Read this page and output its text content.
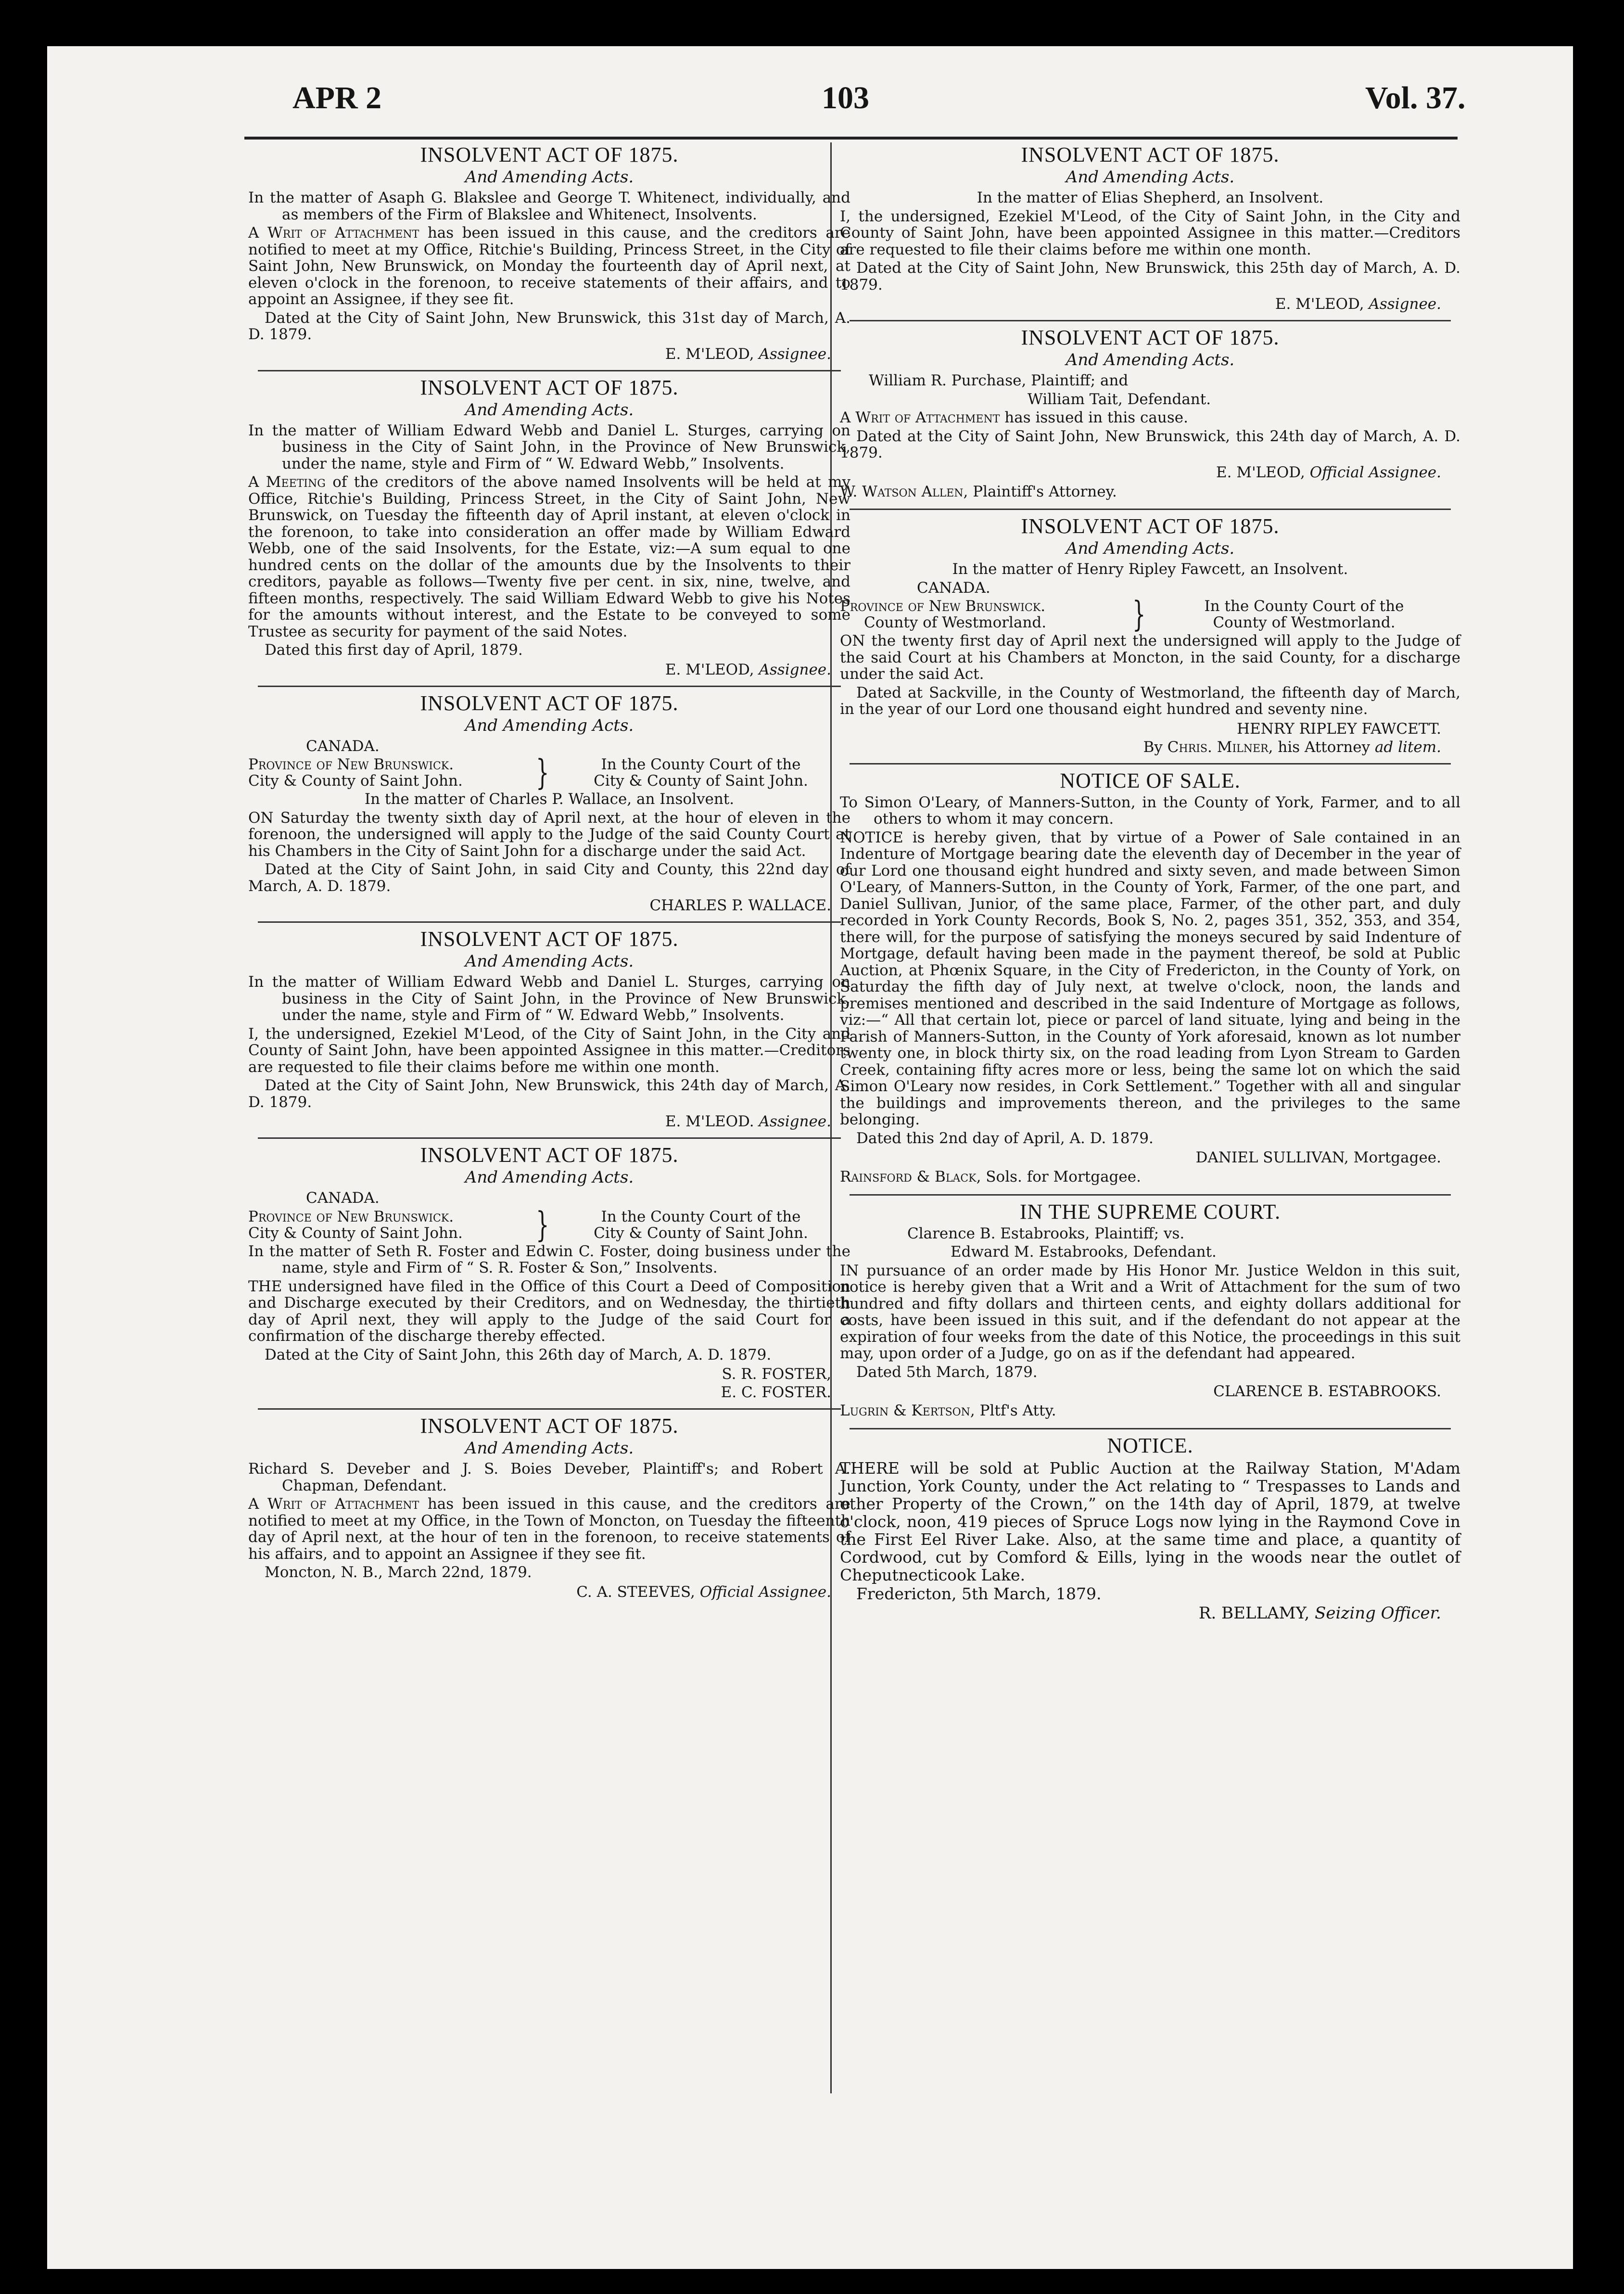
APR 2	103	Vol. 37.
INSOLVENT ACT OF 1875.
And Amending Acts.
In the matter of Asaph G. Blakslee and George T. Whitenect, individually, and as members of the Firm of Blakslee and Whitenect, Insolvents.
A Writ of Attachment has been issued in this cause, and the creditors are notified to meet at my Office, Ritchie's Building, Princess Street, in the City of Saint John, New Brunswick, on Monday the fourteenth day of April next, at eleven o'clock in the forenoon, to receive statements of their affairs, and to appoint an Assignee, if they see fit.
Dated at the City of Saint John, New Brunswick, this 31st day of March, A. D. 1879.
E. M'LEOD, Assignee.
INSOLVENT ACT OF 1875.
And Amending Acts.
In the matter of William Edward Webb and Daniel L. Sturges, carrying on business in the City of Saint John, in the Province of New Brunswick, under the name, style and Firm of “ W. Edward Webb,” Insolvents.
A Meeting of the creditors of the above named Insolvents will be held at my Office, Ritchie's Building, Princess Street, in the City of Saint John, New Brunswick, on Tuesday the fifteenth day of April instant, at eleven o'clock in the forenoon, to take into consideration an offer made by William Edward Webb, one of the said Insolvents, for the Estate, viz:—A sum equal to one hundred cents on the dollar of the amounts due by the Insolvents to their creditors, payable as follows—Twenty five per cent. in six, nine, twelve, and fifteen months, respectively. The said William Edward Webb to give his Notes for the amounts without interest, and the Estate to be conveyed to some Trustee as security for payment of the said Notes.
Dated this first day of April, 1879.
E. M'LEOD, Assignee.
INSOLVENT ACT OF 1875.
And Amending Acts.
CANADA.
Province of New Brunswick.
City & County of Saint John.	}	In the County Court of the
City & County of Saint John.
In the matter of Charles P. Wallace, an Insolvent.
ON Saturday the twenty sixth day of April next, at the hour of eleven in the forenoon, the undersigned will apply to the Judge of the said County Court at his Chambers in the City of Saint John for a discharge under the said Act.
Dated at the City of Saint John, in said City and County, this 22nd day of March, A. D. 1879.
CHARLES P. WALLACE.
INSOLVENT ACT OF 1875.
And Amending Acts.
In the matter of William Edward Webb and Daniel L. Sturges, carrying on business in the City of Saint John, in the Province of New Brunswick, under the name, style and Firm of “ W. Edward Webb,” Insolvents.
I, the undersigned, Ezekiel M'Leod, of the City of Saint John, in the City and County of Saint John, have been appointed Assignee in this matter.—Creditors are requested to file their claims before me within one month.
Dated at the City of Saint John, New Brunswick, this 24th day of March, A. D. 1879.
E. M'LEOD. Assignee.
INSOLVENT ACT OF 1875.
And Amending Acts.
CANADA.
Province of New Brunswick.
City & County of Saint John.	}	In the County Court of the
City & County of Saint John.
In the matter of Seth R. Foster and Edwin C. Foster, doing business under the name, style and Firm of “ S. R. Foster & Son,” Insolvents.
THE undersigned have filed in the Office of this Court a Deed of Composition and Discharge executed by their Creditors, and on Wednesday, the thirtieth day of April next, they will apply to the Judge of the said Court for a confirmation of the discharge thereby effected.
Dated at the City of Saint John, this 26th day of March, A. D. 1879.
S. R. FOSTER,
E. C. FOSTER.
INSOLVENT ACT OF 1875.
And Amending Acts.
Richard S. Deveber and J. S. Boies Deveber, Plaintiff's; and Robert A. Chapman, Defendant.
A Writ of Attachment has been issued in this cause, and the creditors are notified to meet at my Office, in the Town of Moncton, on Tuesday the fifteenth day of April next, at the hour of ten in the forenoon, to receive statements of his affairs, and to appoint an Assignee if they see fit.
Moncton, N. B., March 22nd, 1879.
C. A. STEEVES, Official Assignee.
INSOLVENT ACT OF 1875.
And Amending Acts.
In the matter of Elias Shepherd, an Insolvent.
I, the undersigned, Ezekiel M'Leod, of the City of Saint John, in the City and County of Saint John, have been appointed Assignee in this matter.—Creditors are requested to file their claims before me within one month.
Dated at the City of Saint John, New Brunswick, this 25th day of March, A. D. 1879.
E. M'LEOD, Assignee.
INSOLVENT ACT OF 1875.
And Amending Acts.
William R. Purchase, Plaintiff; and
William Tait, Defendant.
A Writ of Attachment has issued in this cause.
Dated at the City of Saint John, New Brunswick, this 24th day of March, A. D. 1879.
E. M'LEOD, Official Assignee.
W. Watson Allen, Plaintiff's Attorney.
INSOLVENT ACT OF 1875.
And Amending Acts.
In the matter of Henry Ripley Fawcett, an Insolvent.
CANADA.
Province of New Brunswick.
County of Westmorland.	}	In the County Court of the
County of Westmorland.
ON the twenty first day of April next the undersigned will apply to the Judge of the said Court at his Chambers at Moncton, in the said County, for a discharge under the said Act.
Dated at Sackville, in the County of Westmorland, the fifteenth day of March, in the year of our Lord one thousand eight hundred and seventy nine.
HENRY RIPLEY FAWCETT.
By Chris. Milner, his Attorney ad litem.
NOTICE OF SALE.
To Simon O'Leary, of Manners-Sutton, in the County of York, Farmer, and to all others to whom it may concern.
NOTICE is hereby given, that by virtue of a Power of Sale contained in an Indenture of Mortgage bearing date the eleventh day of December in the year of our Lord one thousand eight hundred and sixty seven, and made between Simon O'Leary, of Manners-Sutton, in the County of York, Farmer, of the one part, and Daniel Sullivan, Junior, of the same place, Farmer, of the other part, and duly recorded in York County Records, Book S, No. 2, pages 351, 352, 353, and 354, there will, for the purpose of satisfying the moneys secured by said Indenture of Mortgage, default having been made in the payment thereof, be sold at Public Auction, at Phœnix Square, in the City of Fredericton, in the County of York, on Saturday the fifth day of July next, at twelve o'clock, noon, the lands and premises mentioned and described in the said Indenture of Mortgage as follows, viz:—“ All that certain lot, piece or parcel of land situate, lying and being in the Parish of Manners-Sutton, in the County of York aforesaid, known as lot number twenty one, in block thirty six, on the road leading from Lyon Stream to Garden Creek, containing fifty acres more or less, being the same lot on which the said Simon O'Leary now resides, in Cork Settlement.” Together with all and singular the buildings and improvements thereon, and the privileges to the same belonging.
Dated this 2nd day of April, A. D. 1879.
DANIEL SULLIVAN, Mortgagee.
Rainsford & Black, Sols. for Mortgagee.
IN THE SUPREME COURT.
Clarence B. Estabrooks, Plaintiff; vs.
Edward M. Estabrooks, Defendant.
IN pursuance of an order made by His Honor Mr. Justice Weldon in this suit, notice is hereby given that a Writ and a Writ of Attachment for the sum of two hundred and fifty dollars and thirteen cents, and eighty dollars additional for costs, have been issued in this suit, and if the defendant do not appear at the expiration of four weeks from the date of this Notice, the proceedings in this suit may, upon order of a Judge, go on as if the defendant had appeared.
Dated 5th March, 1879.
CLARENCE B. ESTABROOKS.
Lugrin & Kertson, Pltf's Atty.
NOTICE.
THERE will be sold at Public Auction at the Railway Station, M'Adam Junction, York County, under the Act relating to “ Trespasses to Lands and other Property of the Crown,” on the 14th day of April, 1879, at twelve o'clock, noon, 419 pieces of Spruce Logs now lying in the Raymond Cove in the First Eel River Lake. Also, at the same time and place, a quantity of Cordwood, cut by Comford & Eills, lying in the woods near the outlet of Cheputnecticook Lake.
Fredericton, 5th March, 1879.
R. BELLAMY, Seizing Officer.
